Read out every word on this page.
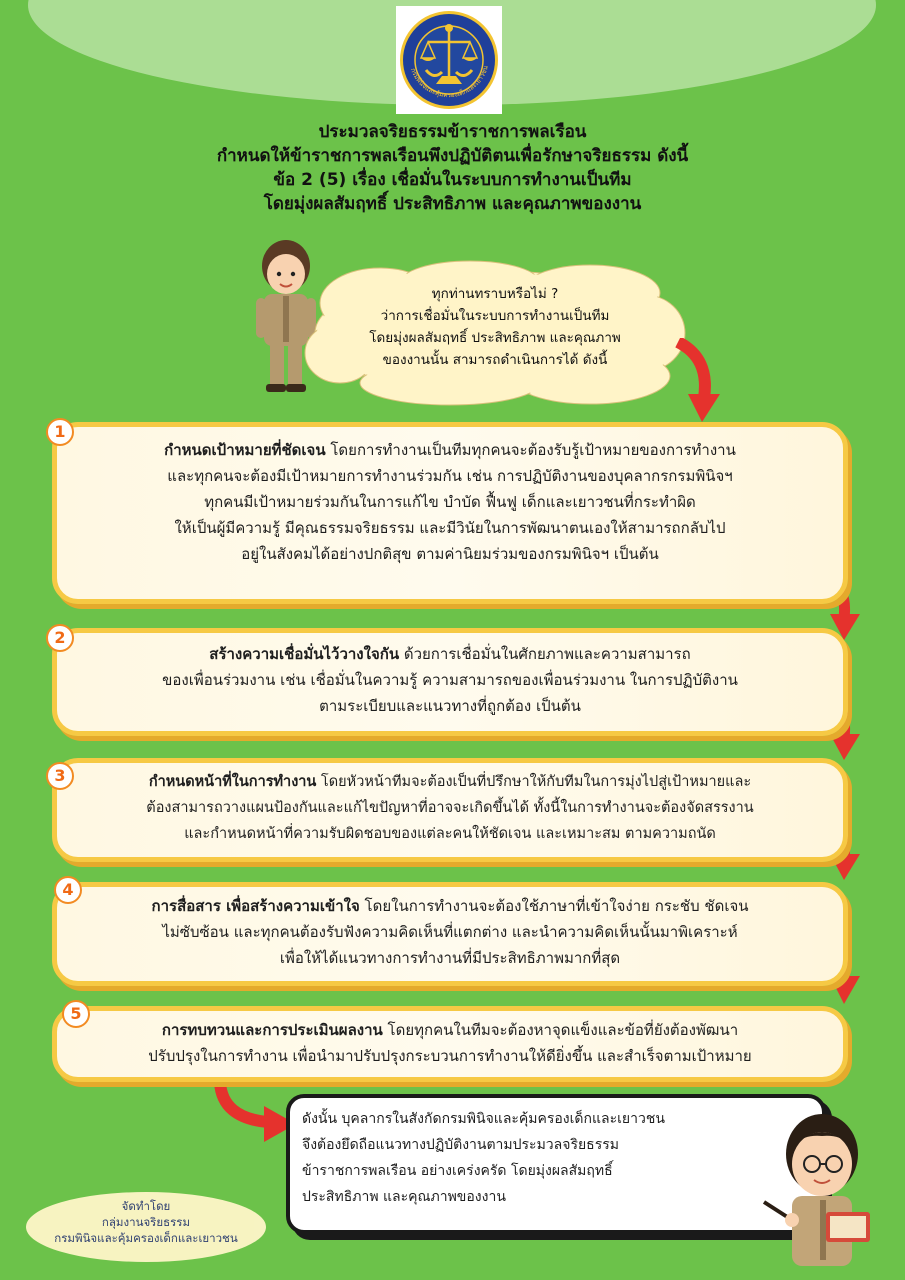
กรมพินิจและคุ้มครองเด็กและเยาวชน
ประมวลจริยธรรมข้าราชการพลเรือน
กำหนดให้ข้าราชการพลเรือนพึงปฏิบัติตนเพื่อรักษาจริยธรรม ดังนี้
ข้อ 2 (5) เรื่อง เชื่อมั่นในระบบการทำงานเป็นทีม
โดยมุ่งผลสัมฤทธิ์ ประสิทธิภาพ และคุณภาพของงาน
ทุกท่านทราบหรือไม่ ?
ว่าการเชื่อมั่นในระบบการทำงานเป็นทีม
โดยมุ่งผลสัมฤทธิ์ ประสิทธิภาพ และคุณภาพ
ของงานนั้น สามารถดำเนินการได้ ดังนี้
กำหนดเป้าหมายที่ชัดเจน โดยการทำงานเป็นทีมทุกคนจะต้องรับรู้เป้าหมายของการทำงาน
และทุกคนจะต้องมีเป้าหมายการทำงานร่วมกัน เช่น การปฏิบัติงานของบุคลากรกรมพินิจฯ
ทุกคนมีเป้าหมายร่วมกันในการแก้ไข บำบัด ฟื้นฟู เด็กและเยาวชนที่กระทำผิด
ให้เป็นผู้มีความรู้ มีคุณธรรมจริยธรรม และมีวินัยในการพัฒนาตนเองให้สามารถกลับไป
อยู่ในสังคมได้อย่างปกติสุข ตามค่านิยมร่วมของกรมพินิจฯ เป็นต้น
1
สร้างความเชื่อมั่นไว้วางใจกัน ด้วยการเชื่อมั่นในศักยภาพและความสามารถ
ของเพื่อนร่วมงาน เช่น เชื่อมั่นในความรู้ ความสามารถของเพื่อนร่วมงาน ในการปฏิบัติงาน
ตามระเบียบและแนวทางที่ถูกต้อง เป็นต้น
2
กำหนดหน้าที่ในการทำงาน โดยหัวหน้าทีมจะต้องเป็นที่ปรึกษาให้กับทีมในการมุ่งไปสู่เป้าหมายและ
ต้องสามารถวางแผนป้องกันและแก้ไขปัญหาที่อาจจะเกิดขึ้นได้ ทั้งนี้ในการทำงานจะต้องจัดสรรงาน
และกำหนดหน้าที่ความรับผิดชอบของแต่ละคนให้ชัดเจน และเหมาะสม ตามความถนัด
3
การสื่อสาร เพื่อสร้างความเข้าใจ โดยในการทำงานจะต้องใช้ภาษาที่เข้าใจง่าย กระชับ ชัดเจน
ไม่ซับซ้อน และทุกคนต้องรับฟังความคิดเห็นที่แตกต่าง และนำความคิดเห็นนั้นมาพิเคราะห์
เพื่อให้ได้แนวทางการทำงานที่มีประสิทธิภาพมากที่สุด
4
การทบทวนและการประเมินผลงาน โดยทุกคนในทีมจะต้องหาจุดแข็งและข้อที่ยังต้องพัฒนา
ปรับปรุงในการทำงาน เพื่อนำมาปรับปรุงกระบวนการทำงานให้ดียิ่งขึ้น และสำเร็จตามเป้าหมาย
5
ดังนั้น บุคลากรในสังกัดกรมพินิจและคุ้มครองเด็กและเยาวชน
จึงต้องยึดถือแนวทางปฏิบัติงานตามประมวลจริยธรรม
ข้าราชการพลเรือน อย่างเคร่งครัด โดยมุ่งผลสัมฤทธิ์
ประสิทธิภาพ และคุณภาพของงาน
จัดทำโดย
กลุ่มงานจริยธรรม
กรมพินิจและคุ้มครองเด็กและเยาวชน
